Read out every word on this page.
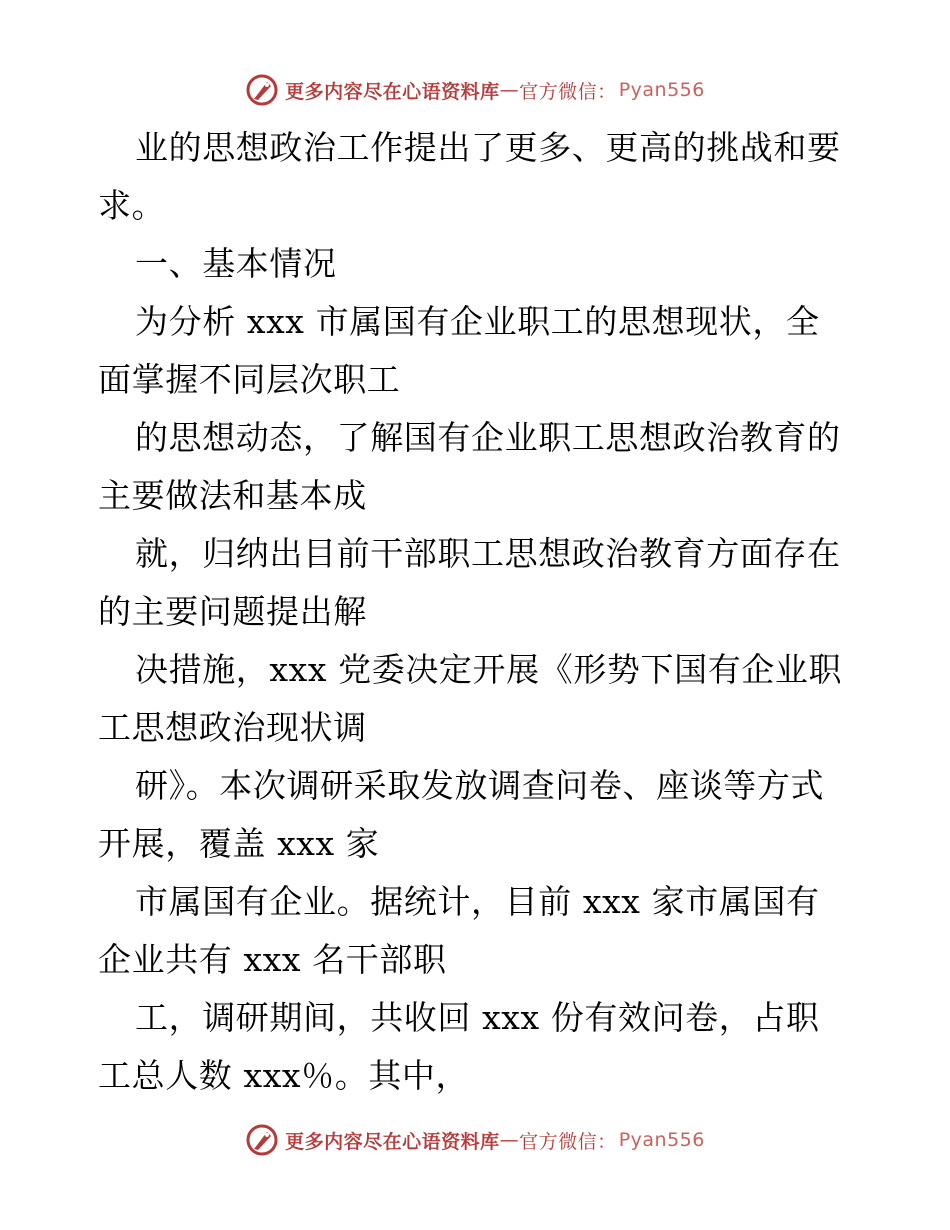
更多内容尽在心语资料库 — 官方微信： Pyan556
业的思想政治工作提出了更多、更高的挑战和要
求。
一、基本情况
为分析 xxx 市属国有企业职工的思想现状，全
面掌握不同层次职工
的思想动态，了解国有企业职工思想政治教育的
主要做法和基本成
就，归纳出目前干部职工思想政治教育方面存在
的主要问题提出解
决措施，xxx 党委决定开展《形势下国有企业职
工思想政治现状调
研》。本次调研采取发放调查问卷、座谈等方式
开展，覆盖 xxx 家
市属国有企业。据统计，目前 xxx 家市属国有
企业共有 xxx 名干部职
工，调研期间，共收回 xxx 份有效问卷，占职
工总人数 xxx％。其中，
更多内容尽在心语资料库 — 官方微信： Pyan556
